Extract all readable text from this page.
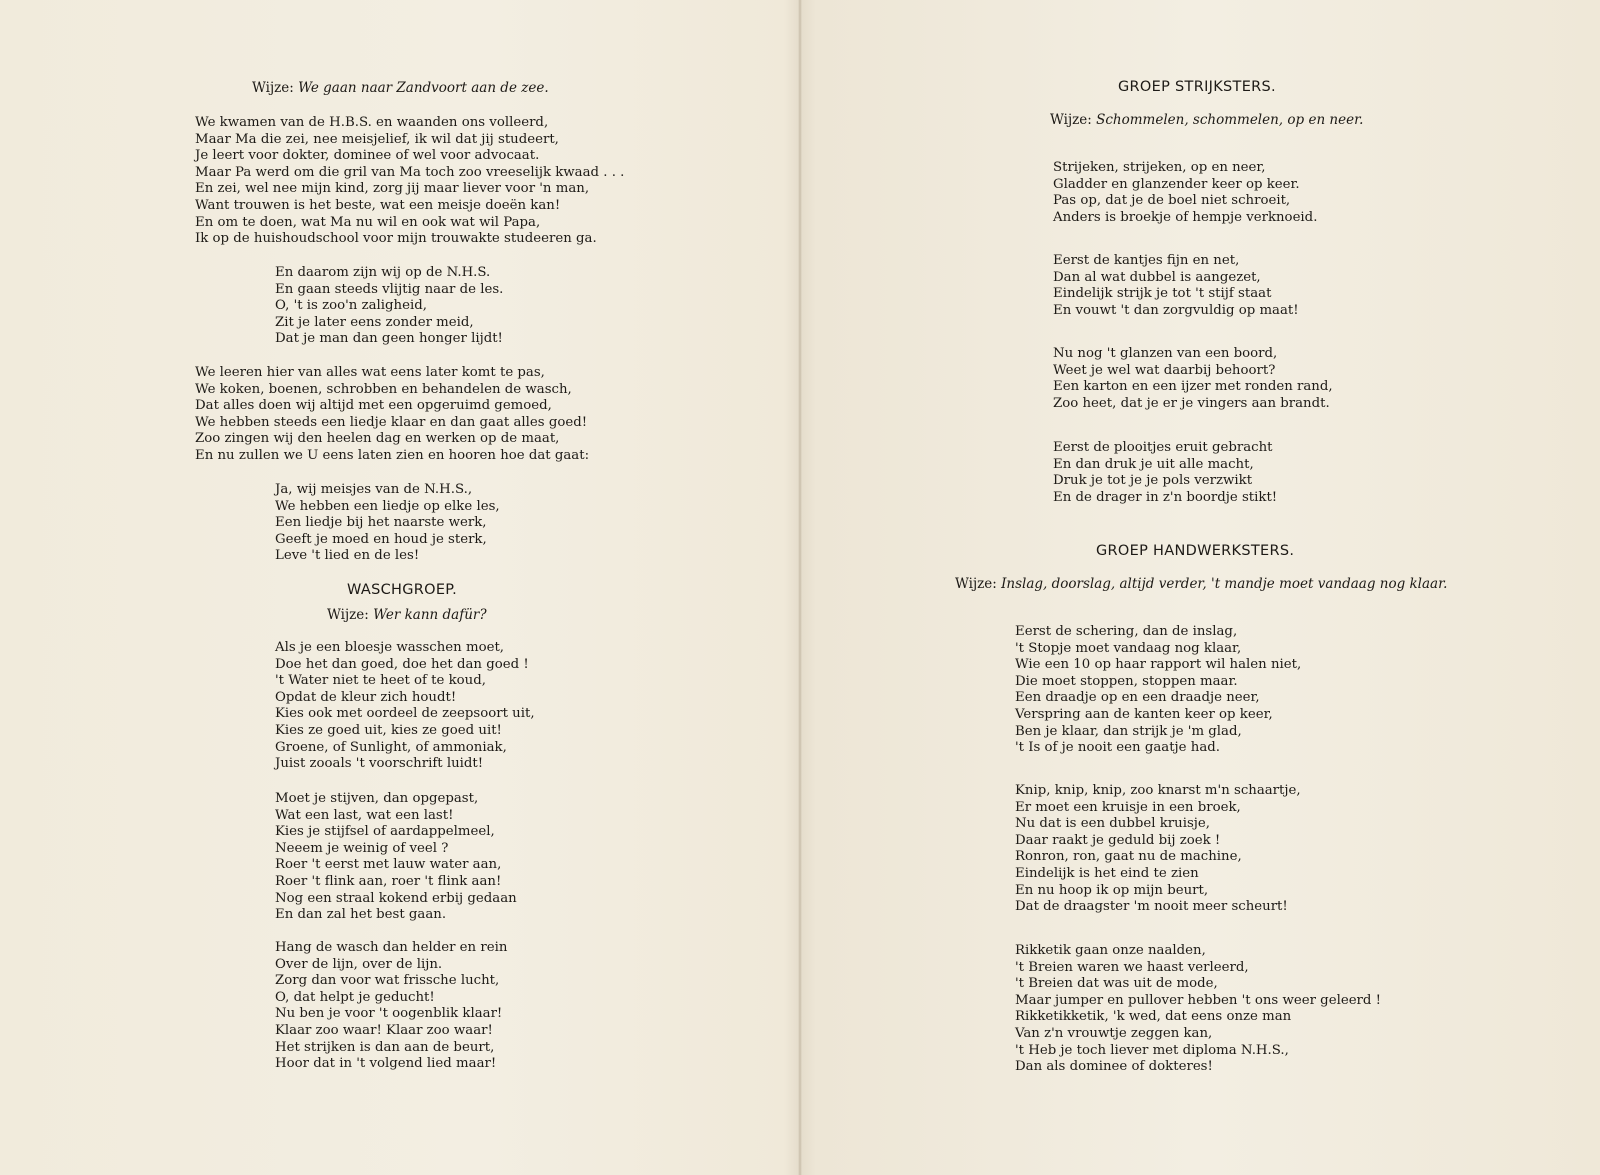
Wijze: We gaan naar Zandvoort aan de zee.
We kwamen van de H.B.S. en waanden ons volleerd,
Maar Ma die zei, nee meisjelief, ik wil dat jij studeert,
Je leert voor dokter, dominee of wel voor advocaat.
Maar Pa werd om die gril van Ma toch zoo vreeselijk kwaad . . .
En zei, wel nee mijn kind, zorg jij maar liever voor 'n man,
Want trouwen is het beste, wat een meisje doeën kan!
En om te doen, wat Ma nu wil en ook wat wil Papa,
Ik op de huishoudschool voor mijn trouwakte studeeren ga.
En daarom zijn wij op de N.H.S.
En gaan steeds vlijtig naar de les.
O, 't is zoo'n zaligheid,
Zit je later eens zonder meid,
Dat je man dan geen honger lijdt!
We leeren hier van alles wat eens later komt te pas,
We koken, boenen, schrobben en behandelen de wasch,
Dat alles doen wij altijd met een opgeruimd gemoed,
We hebben steeds een liedje klaar en dan gaat alles goed!
Zoo zingen wij den heelen dag en werken op de maat,
En nu zullen we U eens laten zien en hooren hoe dat gaat:
Ja, wij meisjes van de N.H.S.,
We hebben een liedje op elke les,
Een liedje bij het naarste werk,
Geeft je moed en houd je sterk,
Leve 't lied en de les!
WASCHGROEP.
Wijze: Wer kann dafür?
Als je een bloesje wasschen moet,
Doe het dan goed, doe het dan goed !
't Water niet te heet of te koud,
Opdat de kleur zich houdt!
Kies ook met oordeel de zeepsoort uit,
Kies ze goed uit, kies ze goed uit!
Groene, of Sunlight, of ammoniak,
Juist zooals 't voorschrift luidt!
Moet je stijven, dan opgepast,
Wat een last, wat een last!
Kies je stijfsel of aardappelmeel,
Neeem je weinig of veel ?
Roer 't eerst met lauw water aan,
Roer 't flink aan, roer 't flink aan!
Nog een straal kokend erbij gedaan
En dan zal het best gaan.
Hang de wasch dan helder en rein
Over de lijn, over de lijn.
Zorg dan voor wat frissche lucht,
O, dat helpt je geducht!
Nu ben je voor 't oogenblik klaar!
Klaar zoo waar! Klaar zoo waar!
Het strijken is dan aan de beurt,
Hoor dat in 't volgend lied maar!
GROEP STRIJKSTERS.
Wijze: Schommelen, schommelen, op en neer.
Strijeken, strijeken, op en neer,
Gladder en glanzender keer op keer.
Pas op, dat je de boel niet schroeit,
Anders is broekje of hempje verknoeid.
Eerst de kantjes fijn en net,
Dan al wat dubbel is aangezet,
Eindelijk strijk je tot 't stijf staat
En vouwt 't dan zorgvuldig op maat!
Nu nog 't glanzen van een boord,
Weet je wel wat daarbij behoort?
Een karton en een ijzer met ronden rand,
Zoo heet, dat je er je vingers aan brandt.
Eerst de plooitjes eruit gebracht
En dan druk je uit alle macht,
Druk je tot je je pols verzwikt
En de drager in z'n boordje stikt!
GROEP HANDWERKSTERS.
Wijze: Inslag, doorslag, altijd verder, 't mandje moet vandaag nog klaar.
Eerst de schering, dan de inslag,
't Stopje moet vandaag nog klaar,
Wie een 10 op haar rapport wil halen niet,
Die moet stoppen, stoppen maar.
Een draadje op en een draadje neer,
Verspring aan de kanten keer op keer,
Ben je klaar, dan strijk je 'm glad,
't Is of je nooit een gaatje had.
Knip, knip, knip, zoo knarst m'n schaartje,
Er moet een kruisje in een broek,
Nu dat is een dubbel kruisje,
Daar raakt je geduld bij zoek !
Ronron, ron, gaat nu de machine,
Eindelijk is het eind te zien
En nu hoop ik op mijn beurt,
Dat de draagster 'm nooit meer scheurt!
Rikketik gaan onze naalden,
't Breien waren we haast verleerd,
't Breien dat was uit de mode,
Maar jumper en pullover hebben 't ons weer geleerd !
Rikketikketik, 'k wed, dat eens onze man
Van z'n vrouwtje zeggen kan,
't Heb je toch liever met diploma N.H.S.,
Dan als dominee of dokteres!
